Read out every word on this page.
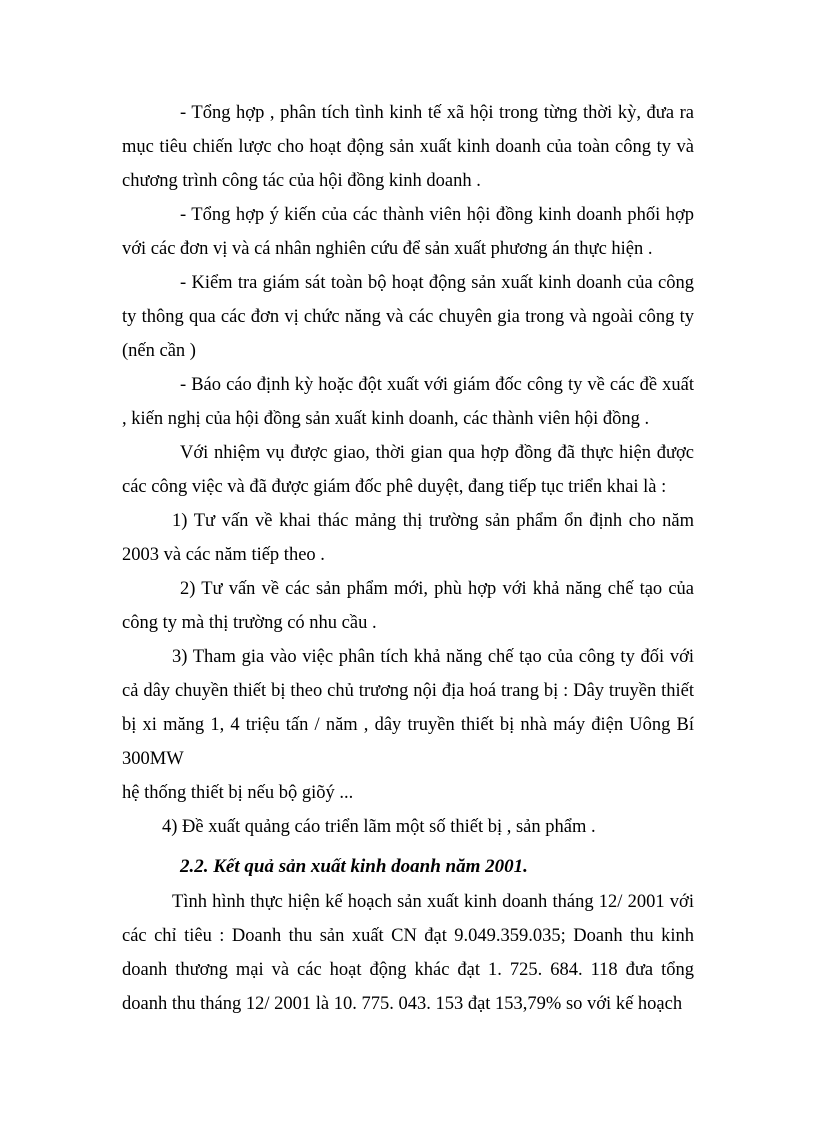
- Tổng hợp , phân tích tình kinh tế xã hội trong từng thời kỳ, đưa ra mục tiêu chiến lược cho hoạt động sản xuất kinh doanh của toàn công ty và chương trình công tác của hội đồng kinh doanh .

- Tổng hợp ý kiến của các thành viên hội đồng kinh doanh phối hợp với các đơn vị và cá nhân nghiên cứu để sản xuất phương án thực hiện .

- Kiểm tra giám sát toàn bộ hoạt động sản xuất kinh doanh của công ty thông qua các đơn vị chức năng và các chuyên gia trong và ngoài công ty (nến cần )

- Báo cáo định kỳ hoặc đột xuất với giám đốc công ty về các đề xuất , kiến nghị của hội đồng sản xuất kinh doanh, các thành viên hội đồng .

Với nhiệm vụ được giao, thời gian qua hợp đồng đã thực hiện được các công việc và đã được giám đốc phê duyệt, đang tiếp tục triển khai là :

1) Tư vấn về khai thác mảng thị trường sản phẩm ổn định cho năm 2003 và các năm tiếp theo .

2) Tư vấn về các sản phẩm mới, phù hợp với khả năng chế tạo của công ty mà thị trường có nhu cầu .

3) Tham gia vào việc phân tích khả năng chế tạo của công ty đối với cả dây chuyền thiết bị theo chủ trương nội địa hoá trang bị : Dây truyền thiết bị xi măng 1, 4 triệu tấn / năm , dây truyền thiết bị nhà máy điện Uông Bí 300MW

hệ thống thiết bị nếu bộ giõý ...

4) Đề xuất quảng cáo triển lãm một số thiết bị , sản phẩm .

2.2. Kết quả sản xuất kinh doanh năm 2001.

Tình hình thực hiện kế hoạch sản xuất kinh doanh tháng 12/ 2001 với các chỉ tiêu : Doanh thu sản xuất CN đạt 9.049.359.035; Doanh thu kinh doanh thương mại và các hoạt động khác đạt 1. 725. 684. 118 đưa tổng doanh thu tháng 12/ 2001 là 10. 775. 043. 153 đạt 153,79% so với kế hoạch
